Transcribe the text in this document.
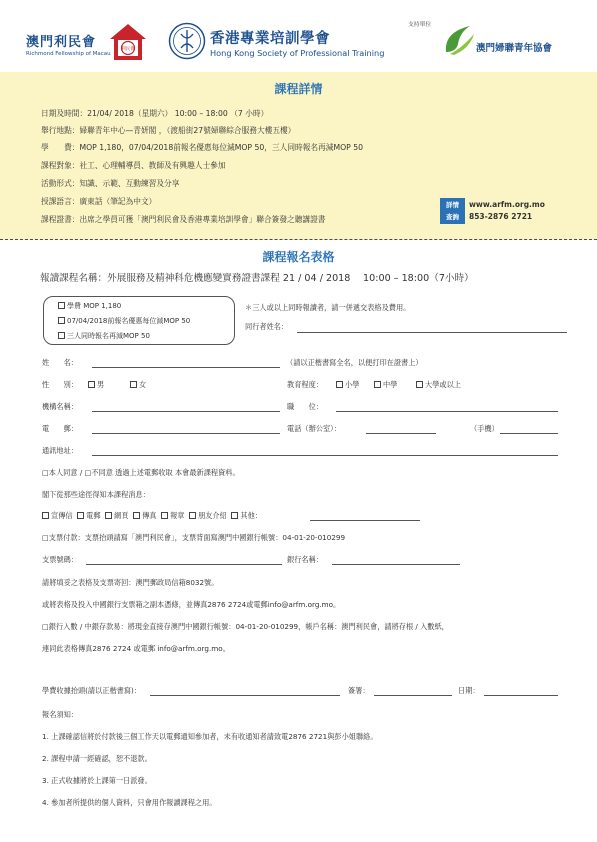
澳門利民會
Richmond Fellowship of Macau
利民會
香港專業培訓學會
Hong Kong Society of Professional Training
支持單位
澳門婦聯青年協會
課程詳情
日期及時間：21/04/ 2018（星期六） 10:00 – 18:00 （7 小時）
舉行地點：婦聯青年中心—青妍閣 ，（渡船街27號婦聯綜合服務大樓五樓）
學　　費：MOP 1,180，07/04/2018前報名優惠每位減MOP 50，三人同時報名再減MOP 50
課程對象：社工、心理輔導員、教師及有興趣人士參加
活動形式：知識、示範、互動練習及分享
授課語言：廣東話（筆記為中文）
課程證書：出席之學員可獲「澳門利民會及香港專業培訓學會」聯合簽發之聽講證書
詳情
查詢
www.arfm.org.mo
853-2876 2721
課程報名表格
報讀課程名稱：外展服務及精神科危機應變實務證書課程 21 / 04 / 2018　 10:00 – 18:00（7小時）
學費 MOP 1,180
07/04/2018前報名優惠每位減MOP 50
三人同時報名再減MOP 50
＊三人或以上同時報讀者，請一併遞交表格及費用。
同行者姓名：
姓　　名：	（請以正楷書寫全名，以便打印在證書上）
性　　別：	男	女	教育程度：	小學	中學	大學或以上
機構名稱：	職　　位：
電　　郵：	電話（辦公室）：	（手機）
通訊地址：
□本人同意 / □不同意 透過上述電郵收取 本會最新課程資料。
閣下從那些途徑得知本課程消息：
宣傳信 電郵 網頁 傳真 報章 朋友介紹 其他：
□支票付款：支票抬頭請寫「澳門利民會」，支票背面寫澳門中國銀行帳號：04-01-20-010299
支票號碼：	銀行名稱：
請將填妥之表格及支票寄回：澳門郵政局信箱8032號。
或將表格及投入中國銀行支票箱之副本憑條，並傳真2876 2724或電郵info@arfm.org.mo。
□銀行入數 / 中銀存款易：將現金直接存澳門中國銀行帳號：04-01-20-010299，帳戶名稱：澳門利民會，請將存根 / 入數紙，
連同此表格傳真2876 2724 或電郵 info@arfm.org.mo。
學費收據抬頭(請以正楷書寫)：	簽署：	日期：
報名須知：
1. 上課確認信將於付款後三個工作天以電郵通知參加者，未有收通知者請致電2876 2721與彭小姐聯絡。
2. 課程申請一經確認，恕不退款。
3. 正式收據將於上課第一日派發。
4. 參加者所提供的個人資料，只會用作報讀課程之用。
